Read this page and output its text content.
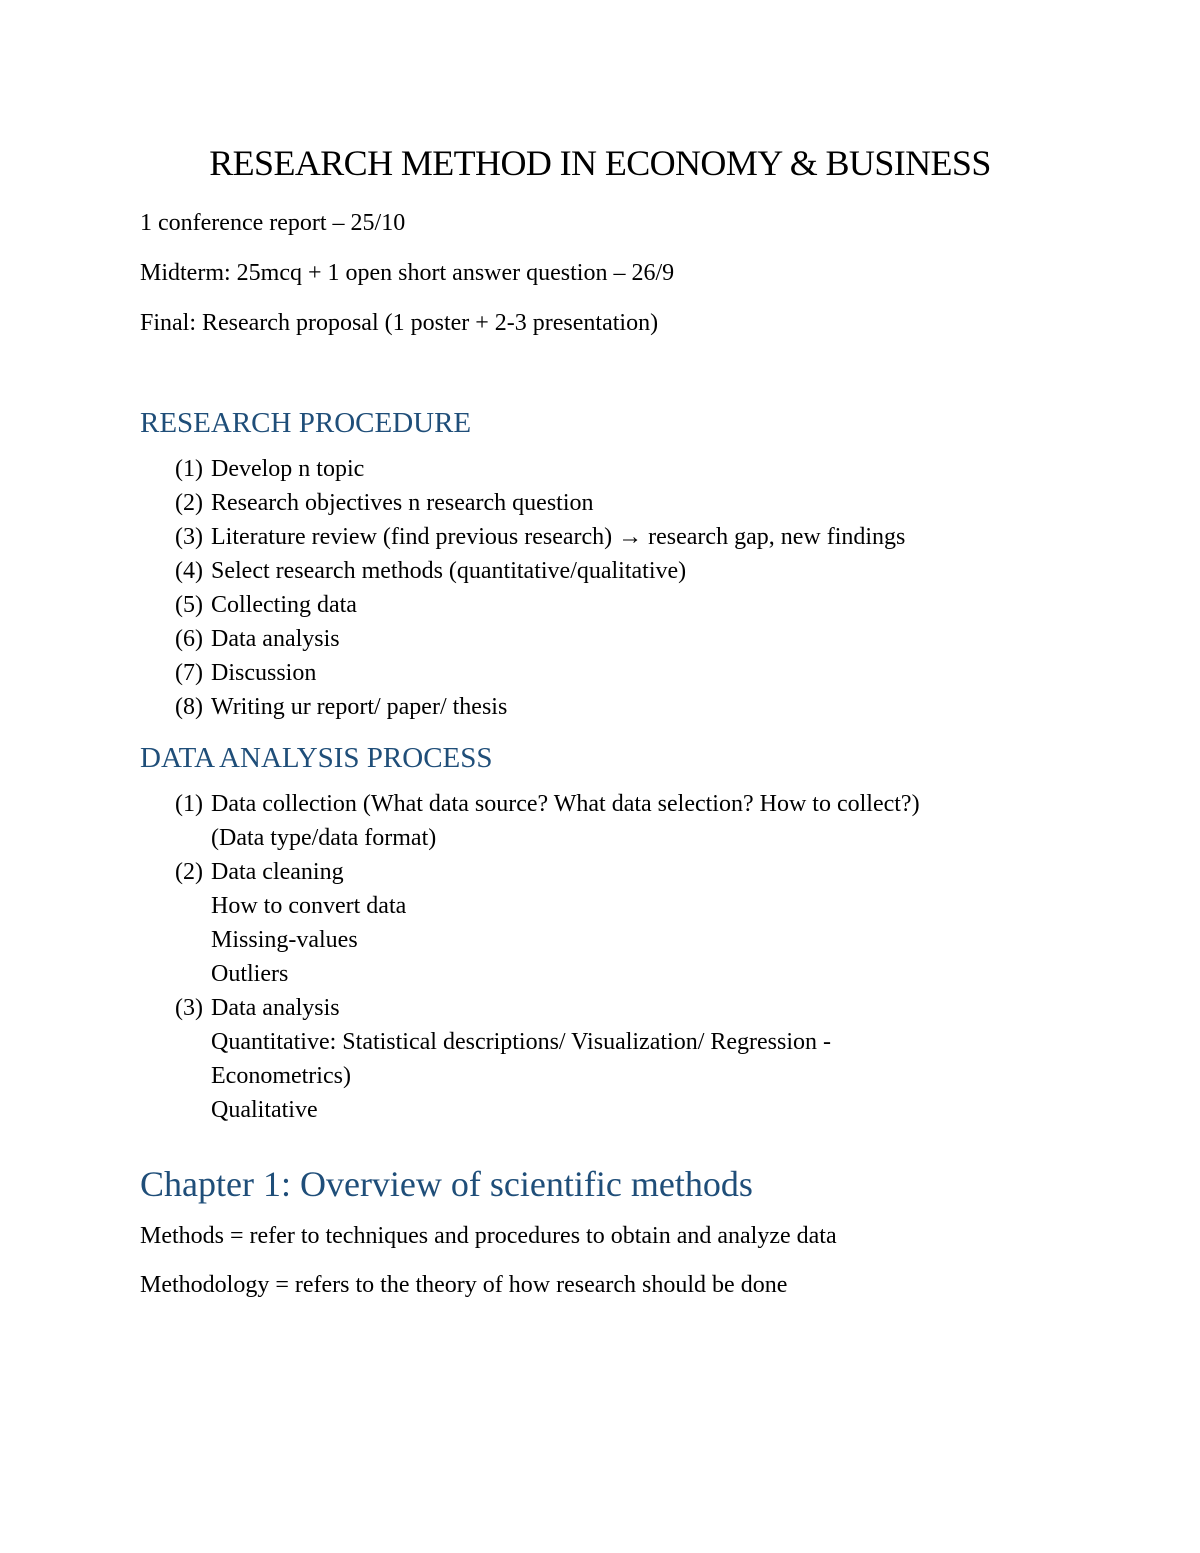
RESEARCH METHOD IN ECONOMY & BUSINESS
1 conference report – 25/10
Midterm: 25mcq + 1 open short answer question – 26/9
Final: Research proposal (1 poster + 2-3 presentation)
RESEARCH PROCEDURE
(1) Develop n topic
(2) Research objectives n research question
(3) Literature review (find previous research) → research gap, new findings
(4) Select research methods (quantitative/qualitative)
(5) Collecting data
(6) Data analysis
(7) Discussion
(8) Writing ur report/ paper/ thesis
DATA ANALYSIS PROCESS
(1) Data collection (What data source? What data selection? How to collect?)
(Data type/data format)
(2) Data cleaning
How to convert data
Missing-values
Outliers
(3) Data analysis
Quantitative: Statistical descriptions/ Visualization/ Regression -
Econometrics)
Qualitative
Chapter 1: Overview of scientific methods
Methods = refer to techniques and procedures to obtain and analyze data
Methodology = refers to the theory of how research should be done
